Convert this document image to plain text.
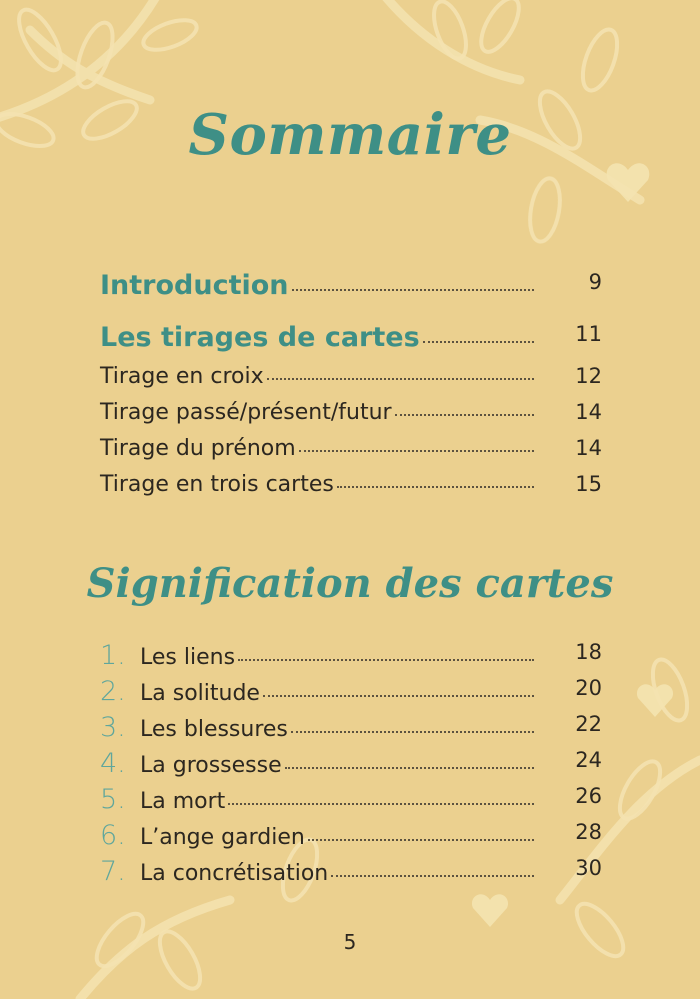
Sommaire
Introduction	9
Les tirages de cartes	11
Tirage en croix	12
Tirage passé/présent/futur	14
Tirage du prénom	14
Tirage en trois cartes	15
Signification des cartes
1. Les liens	18
2. La solitude	20
3. Les blessures	22
4. La grossesse	24
5. La mort	26
6. L’ange gardien	28
7. La concrétisation	30
5
